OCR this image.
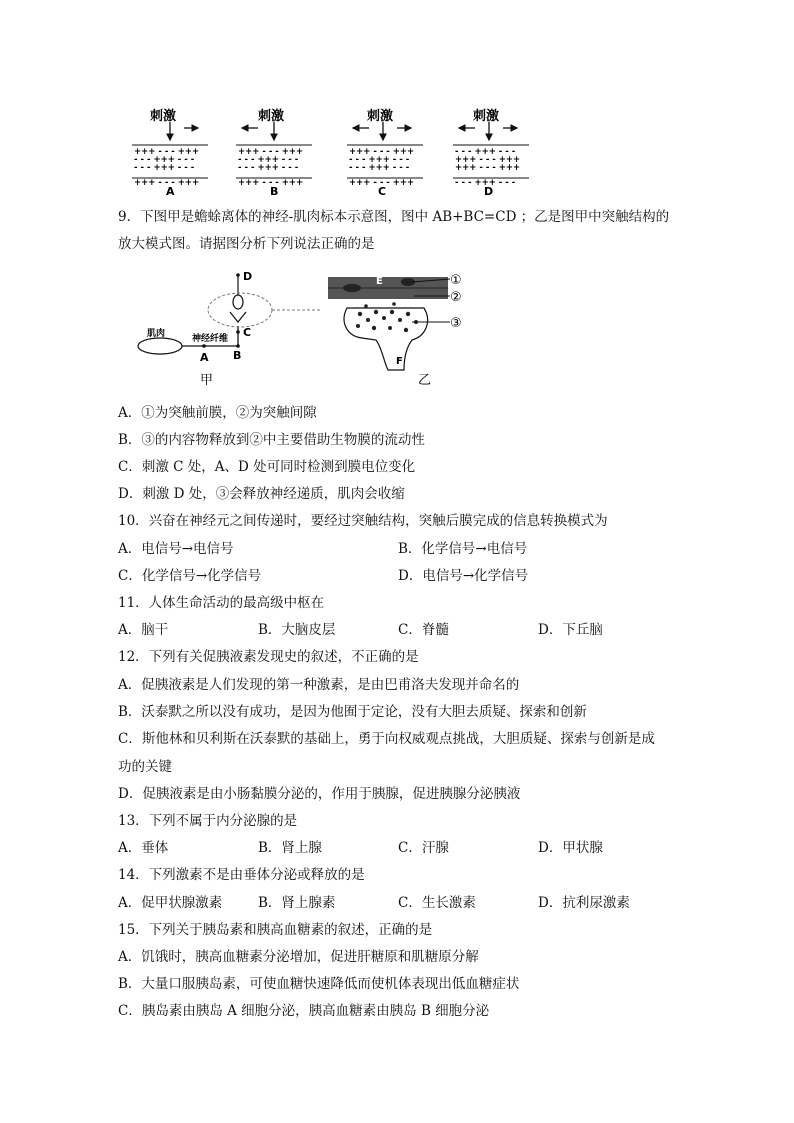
刺激
+++ - - - +++
- - - +++ - - -
- - - +++ - - -
+++ - - - +++
A
刺激
+++ - - - +++
- - - +++ - - -
- - - +++ - - -
+++ - - - +++
B
刺激
+++ - - - +++
- - - +++ - - -
- - - +++ - - -
+++ - - - +++
C
刺激
- - - +++ - - -
+++ - - - +++
+++ - - - +++
- - - +++ - - -
D
9．下图甲是蟾蜍离体的神经-肌肉标本示意图，图中 AB+BC=CD ；乙是图甲中突触结构的
放大模式图。请据图分析下列说法正确的是
肌肉	神经纤维
A B
C
D
甲
E
F
①
②
③
乙
A．①为突触前膜，②为突触间隙
B．③的内容物释放到②中主要借助生物膜的流动性
C．刺激 C 处，A、D 处可同时检测到膜电位变化
D．刺激 D 处，③会释放神经递质，肌肉会收缩
10．兴奋在神经元之间传递时，要经过突触结构，突触后膜完成的信息转换模式为
A．电信号→电信号	B．化学信号→电信号
C．化学信号→化学信号	D．电信号→化学信号
11．人体生命活动的最高级中枢在
A．脑干	B．大脑皮层	C．脊髓	D．下丘脑
12．下列有关促胰液素发现史的叙述，不正确的是
A．促胰液素是人们发现的第一种激素，是由巴甫洛夫发现并命名的
B．沃泰默之所以没有成功，是因为他囿于定论，没有大胆去质疑、探索和创新
C．斯他林和贝利斯在沃泰默的基础上，勇于向权威观点挑战，大胆质疑、探索与创新是成
功的关键
D．促胰液素是由小肠黏膜分泌的，作用于胰腺，促进胰腺分泌胰液
13．下列不属于内分泌腺的是
A．垂体	B．肾上腺	C．汗腺	D．甲状腺
14．下列激素不是由垂体分泌或释放的是
A．促甲状腺激素	B．肾上腺素	C．生长激素	D．抗利尿激素
15．下列关于胰岛素和胰高血糖素的叙述，正确的是
A．饥饿时，胰高血糖素分泌增加，促进肝糖原和肌糖原分解
B．大量口服胰岛素，可使血糖快速降低而使机体表现出低血糖症状
C．胰岛素由胰岛 A 细胞分泌，胰高血糖素由胰岛 B 细胞分泌
